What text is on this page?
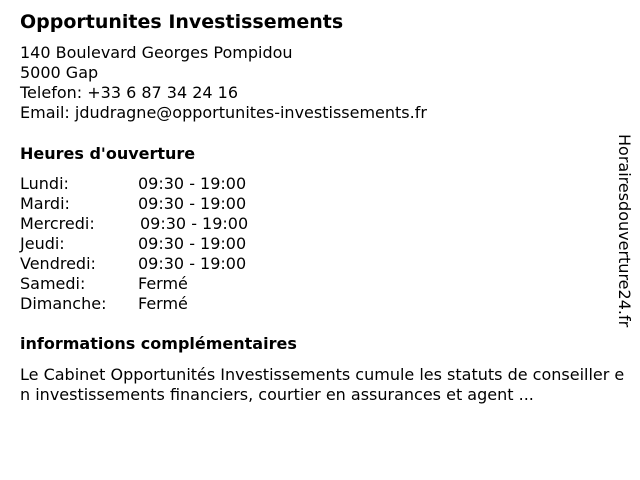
Opportunites Investissements
140 Boulevard Georges Pompidou
5000 Gap
Telefon: +33 6 87 34 24 16
Email: jdudragne@opportunites-investissements.fr
Heures d'ouverture
Lundi:	09:30 - 19:00
Mardi:	09:30 - 19:00
Mercredi:	09:30 - 19:00
Jeudi:	09:30 - 19:00
Vendredi:	09:30 - 19:00
Samedi:	Fermé
Dimanche: Fermé
informations complémentaires
Le Cabinet Opportunités Investissements cumule les statuts de conseiller en investissements financiers, courtier en assurances et agent ...
Horairesdouverture24.fr
